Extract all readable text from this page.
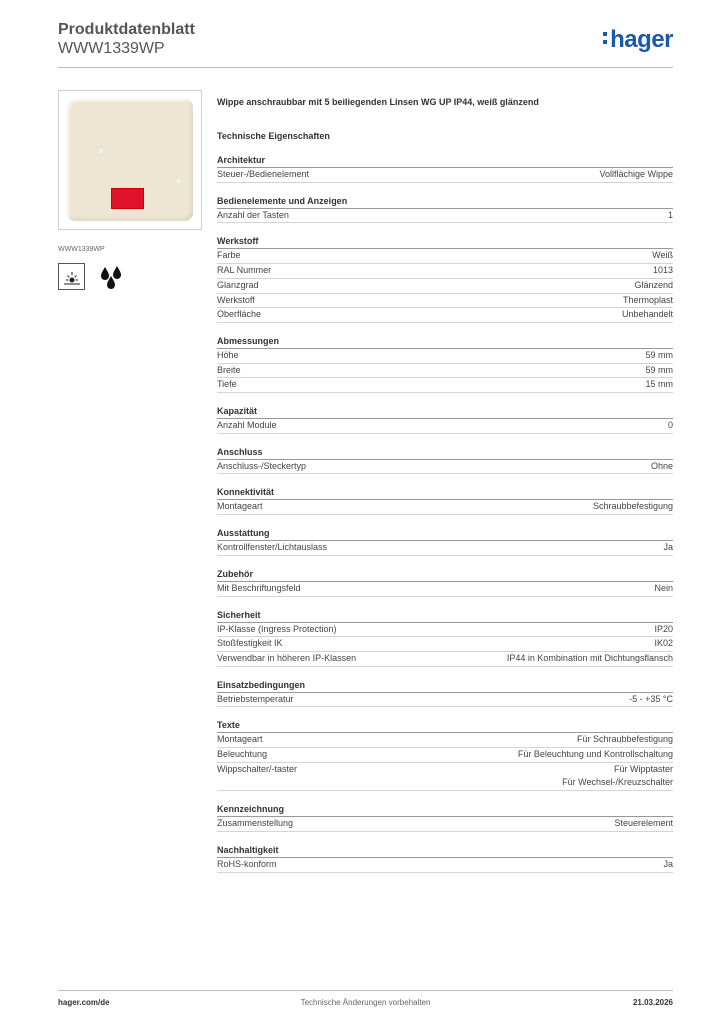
Produktdatenblatt
WWW1339WP	hager
WWW1339WP
Wippe anschraubbar mit 5 beiliegenden Linsen WG UP IP44, weiß glänzend
Technische Eigenschaften
Architektur
Steuer-/Bedienelement	Vollflächige Wippe
Bedienelemente und Anzeigen
Anzahl der Tasten	1
Werkstoff
Farbe	Weiß
RAL Nummer	1013
Glanzgrad	Glänzend
Werkstoff	Thermoplast
Oberfläche	Unbehandelt
Abmessungen
Höhe	59 mm
Breite	59 mm
Tiefe	15 mm
Kapazität
Anzahl Module	0
Anschluss
Anschluss-/Steckertyp	Ohne
Konnektivität
Montageart	Schraubbefestigung
Ausstattung
Kontrollfenster/Lichtauslass	Ja
Zubehör
Mit Beschriftungsfeld	Nein
Sicherheit
IP-Klasse (Ingress Protection)	IP20
Stoßfestigkeit IK	IK02
Verwendbar in höheren IP-Klassen	IP44 in Kombination mit Dichtungsflansch
Einsatzbedingungen
Betriebstemperatur	-5 - +35 °C
Texte
Montageart	Für Schraubbefestigung
Beleuchtung	Für Beleuchtung und Kontrollschaltung
Wippschalter/-taster	Für Wipptaster
Für Wechsel-/Kreuzschalter
Kennzeichnung
Zusammenstellung	Steuerelement
Nachhaltigkeit
RoHS-konform	Ja
hager.com/de	Technische Änderungen vorbehalten	21.03.2026
